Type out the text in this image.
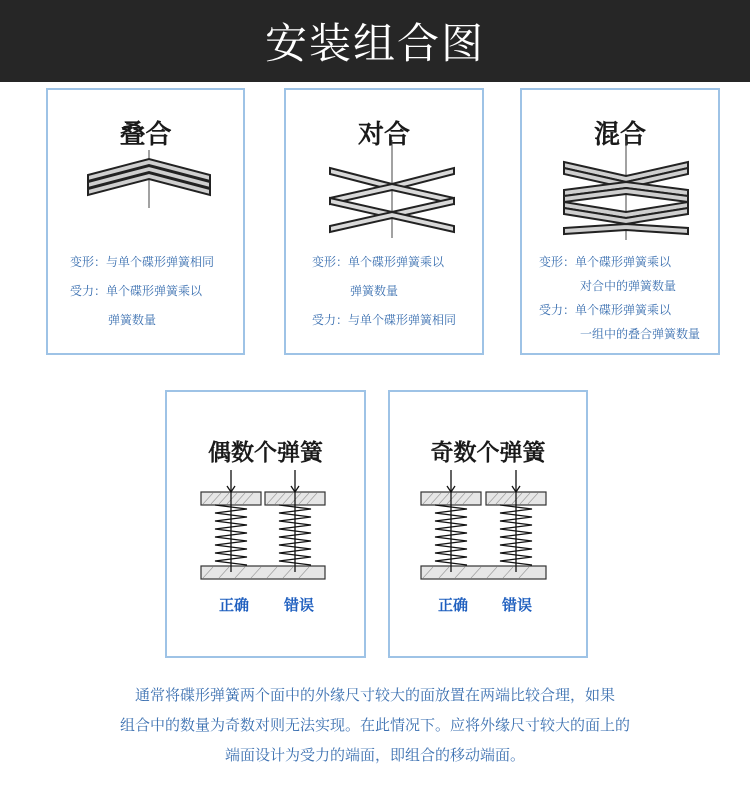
安装组合图
叠合
变形：与单个碟形弹簧相同
受力：单个碟形弹簧乘以
弹簧数量
对合
变形：单个碟形弹簧乘以
弹簧数量
受力：与单个碟形弹簧相同
混合
变形：单个碟形弹簧乘以
对合中的弹簧数量
受力：单个碟形弹簧乘以
一组中的叠合弹簧数量
偶数个弹簧
正确 错误
奇数个弹簧
正确 错误
通常将碟形弹簧两个面中的外缘尺寸较大的面放置在两端比较合理，如果
组合中的数量为奇数对则无法实现。在此情况下。应将外缘尺寸较大的面上的
端面设计为受力的端面，即组合的移动端面。
